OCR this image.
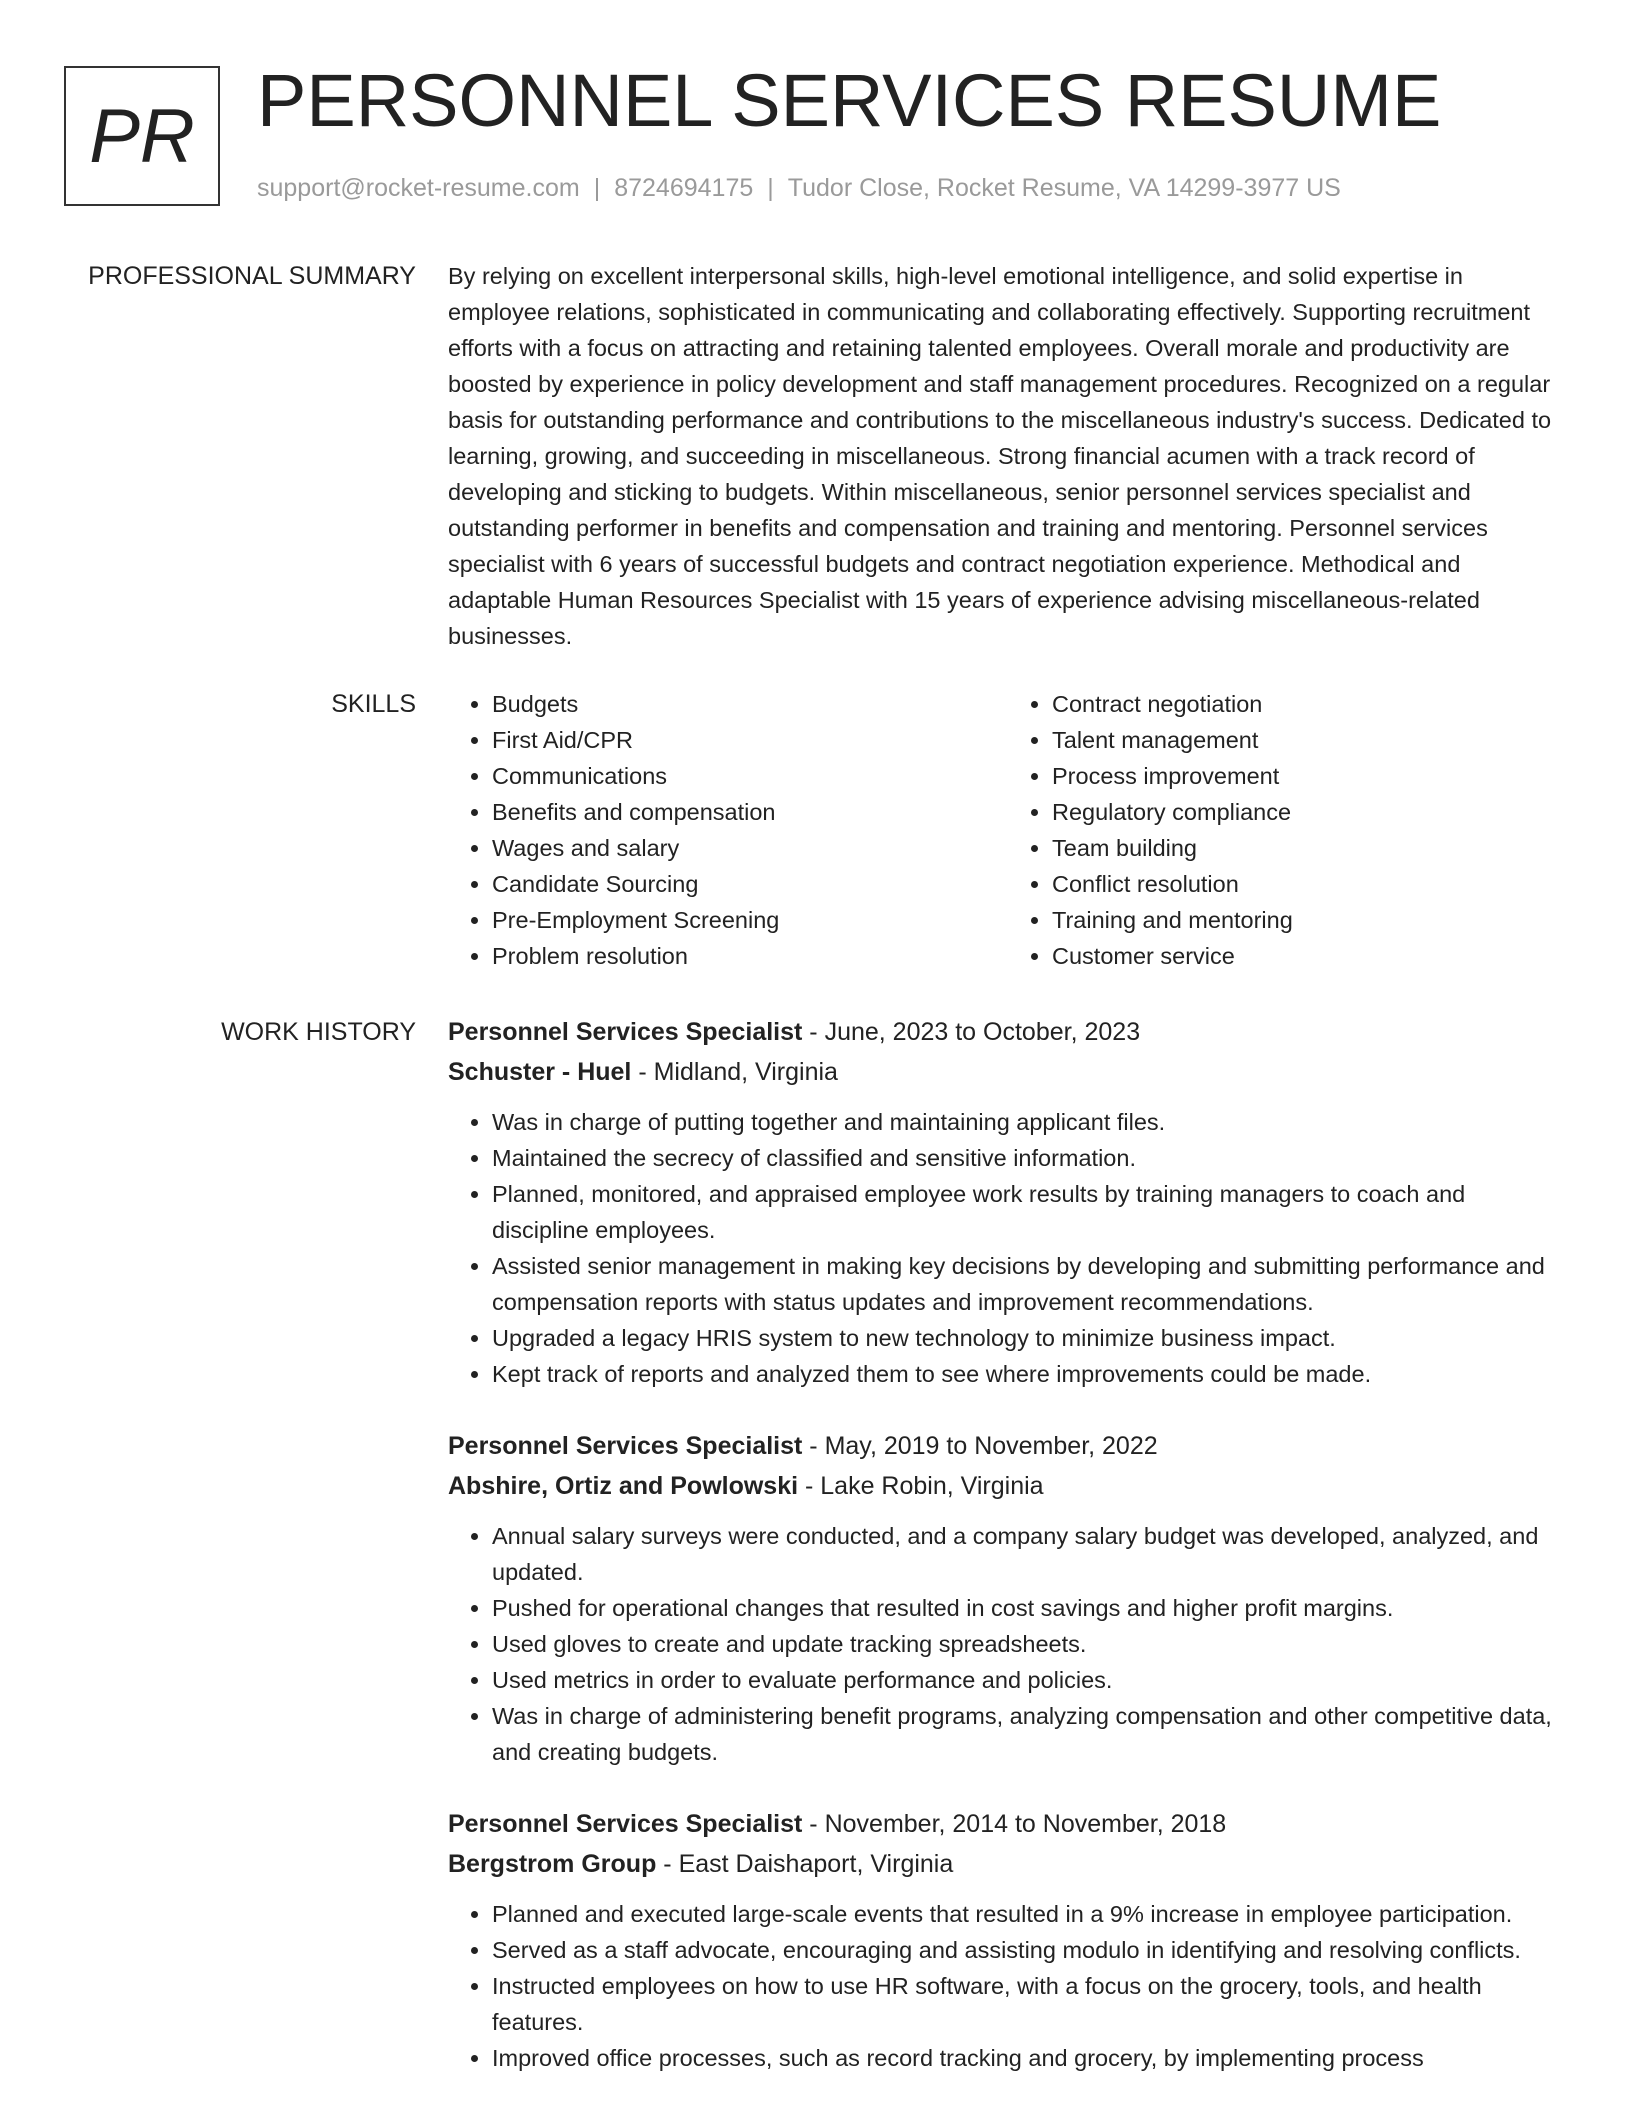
PR PERSONNEL SERVICES RESUME
support@rocket-resume.com | 8724694175 | Tudor Close, Rocket Resume, VA 14299-3977 US
PROFESSIONAL SUMMARY By relying on excellent interpersonal skills, high-level emotional intelligence, and solid expertise in employee relations, sophisticated in communicating and collaborating effectively. Supporting recruitment efforts with a focus on attracting and retaining talented employees. Overall morale and productivity are boosted by experience in policy development and staff management procedures. Recognized on a regular basis for outstanding performance and contributions to the miscellaneous industry's success. Dedicated to learning, growing, and succeeding in miscellaneous. Strong financial acumen with a track record of developing and sticking to budgets. Within miscellaneous, senior personnel services specialist and outstanding performer in benefits and compensation and training and mentoring. Personnel services specialist with 6 years of successful budgets and contract negotiation experience. Methodical and adaptable Human Resources Specialist with 15 years of experience advising miscellaneous-related businesses.

SKILLS
•	Budgets
• First Aid/CPR
• Communications
• Benefits and compensation
• Wages and salary
• Candidate Sourcing
• Pre-Employment Screening
• Problem resolution
• Contract negotiation
• Talent management
• Process improvement
• Regulatory compliance
• Team building
• Conflict resolution
• Training and mentoring
• Customer service
WORK HISTORY Personnel Services Specialist - June, 2023 to October, 2023
Schuster - Huel - Midland, Virginia
• Was in charge of putting together and maintaining applicant files.
• Maintained the secrecy of classified and sensitive information.
• Planned, monitored, and appraised employee work results by training managers to coach and discipline employees.
• Assisted senior management in making key decisions by developing and submitting performance and compensation reports with status updates and improvement recommendations.
• Upgraded a legacy HRIS system to new technology to minimize business impact.
• Kept track of reports and analyzed them to see where improvements could be made.
Personnel Services Specialist - May, 2019 to November, 2022
Abshire, Ortiz and Powlowski - Lake Robin, Virginia
• Annual salary surveys were conducted, and a company salary budget was developed, analyzed, and updated.
• Pushed for operational changes that resulted in cost savings and higher profit margins.
• Used gloves to create and update tracking spreadsheets.
• Used metrics in order to evaluate performance and policies.
• Was in charge of administering benefit programs, analyzing compensation and other competitive data, and creating budgets.
Personnel Services Specialist - November, 2014 to November, 2018
Bergstrom Group - East Daishaport, Virginia
• Planned and executed large-scale events that resulted in a 9% increase in employee participation.
• Served as a staff advocate, encouraging and assisting modulo in identifying and resolving conflicts.
• Instructed employees on how to use HR software, with a focus on the grocery, tools, and health features.
• Improved office processes, such as record tracking and grocery, by implementing process
